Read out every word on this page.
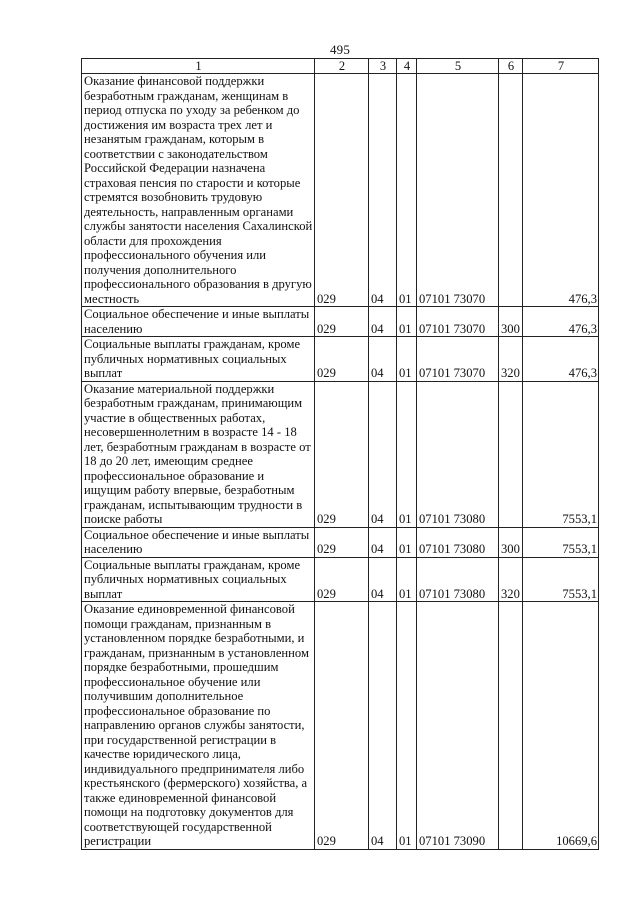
495
1	2	3	4	5	6	7
Оказание финансовой поддержки безработным гражданам, женщинам в период отпуска по уходу за ребенком до достижения им возраста трех лет и незанятым гражданам, которым в соответствии с законодательством Российской Федерации назначена страховая пенсия по старости и которые стремятся возобновить трудовую деятельность, направленным органами службы занятости населения Сахалинской области для прохождения профессионального обучения или получения дополнительного профессионального образования в другую местность	029	04	01	07101 73070		476,3
Социальное обеспечение и иные выплаты населению	029	04	01	07101 73070	300	476,3
Социальные выплаты гражданам, кроме публичных нормативных социальных выплат	029	04	01	07101 73070	320	476,3
Оказание материальной поддержки безработным гражданам, принимающим участие в общественных работах, несовершеннолетним в возрасте 14 - 18 лет, безработным гражданам в возрасте от 18 до 20 лет, имеющим среднее профессиональное образование и ищущим работу впервые, безработным гражданам, испытывающим трудности в поиске работы	029	04	01	07101 73080		7553,1
Социальное обеспечение и иные выплаты населению	029	04	01	07101 73080	300	7553,1
Социальные выплаты гражданам, кроме публичных нормативных социальных выплат	029	04	01	07101 73080	320	7553,1
Оказание единовременной финансовой помощи гражданам, признанным в установленном порядке безработными, и гражданам, признанным в установленном порядке безработными, прошедшим профессиональное обучение или получившим дополнительное профессиональное образование по направлению органов службы занятости, при государственной регистрации в качестве юридического лица, индивидуального предпринимателя либо крестьянского (фермерского) хозяйства, а также единовременной финансовой помощи на подготовку документов для соответствующей государственной регистрации	029	04	01	07101 73090		10669,6
